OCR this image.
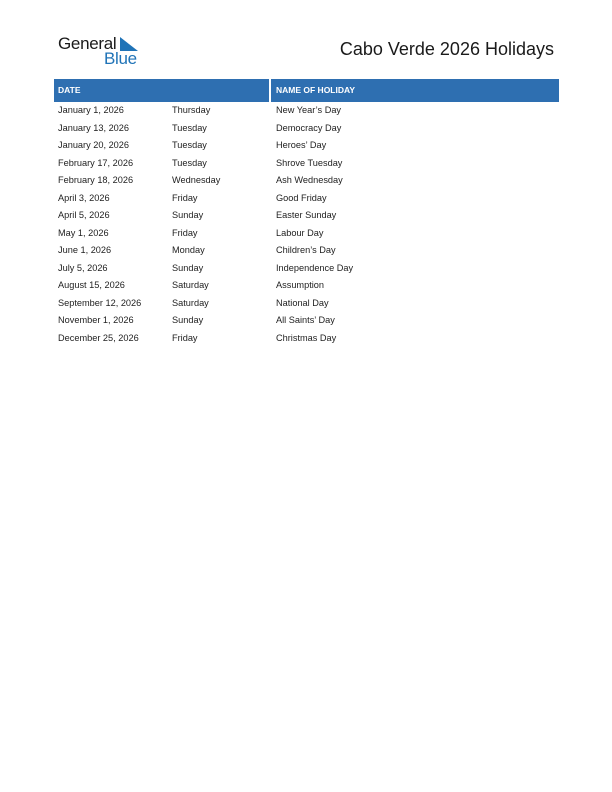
General
Blue	Cabo Verde 2026 Holidays
DATE	NAME OF HOLIDAY
January 1, 2026	Thursday	New Year’s Day
January 13, 2026	Tuesday	Democracy Day
January 20, 2026	Tuesday	Heroes’ Day
February 17, 2026	Tuesday	Shrove Tuesday
February 18, 2026	Wednesday	Ash Wednesday
April 3, 2026	Friday	Good Friday
April 5, 2026	Sunday	Easter Sunday
May 1, 2026	Friday	Labour Day
June 1, 2026	Monday	Children’s Day
July 5, 2026	Sunday	Independence Day
August 15, 2026	Saturday	Assumption
September 12, 2026	Saturday	National Day
November 1, 2026	Sunday	All Saints’ Day
December 25, 2026	Friday	Christmas Day
